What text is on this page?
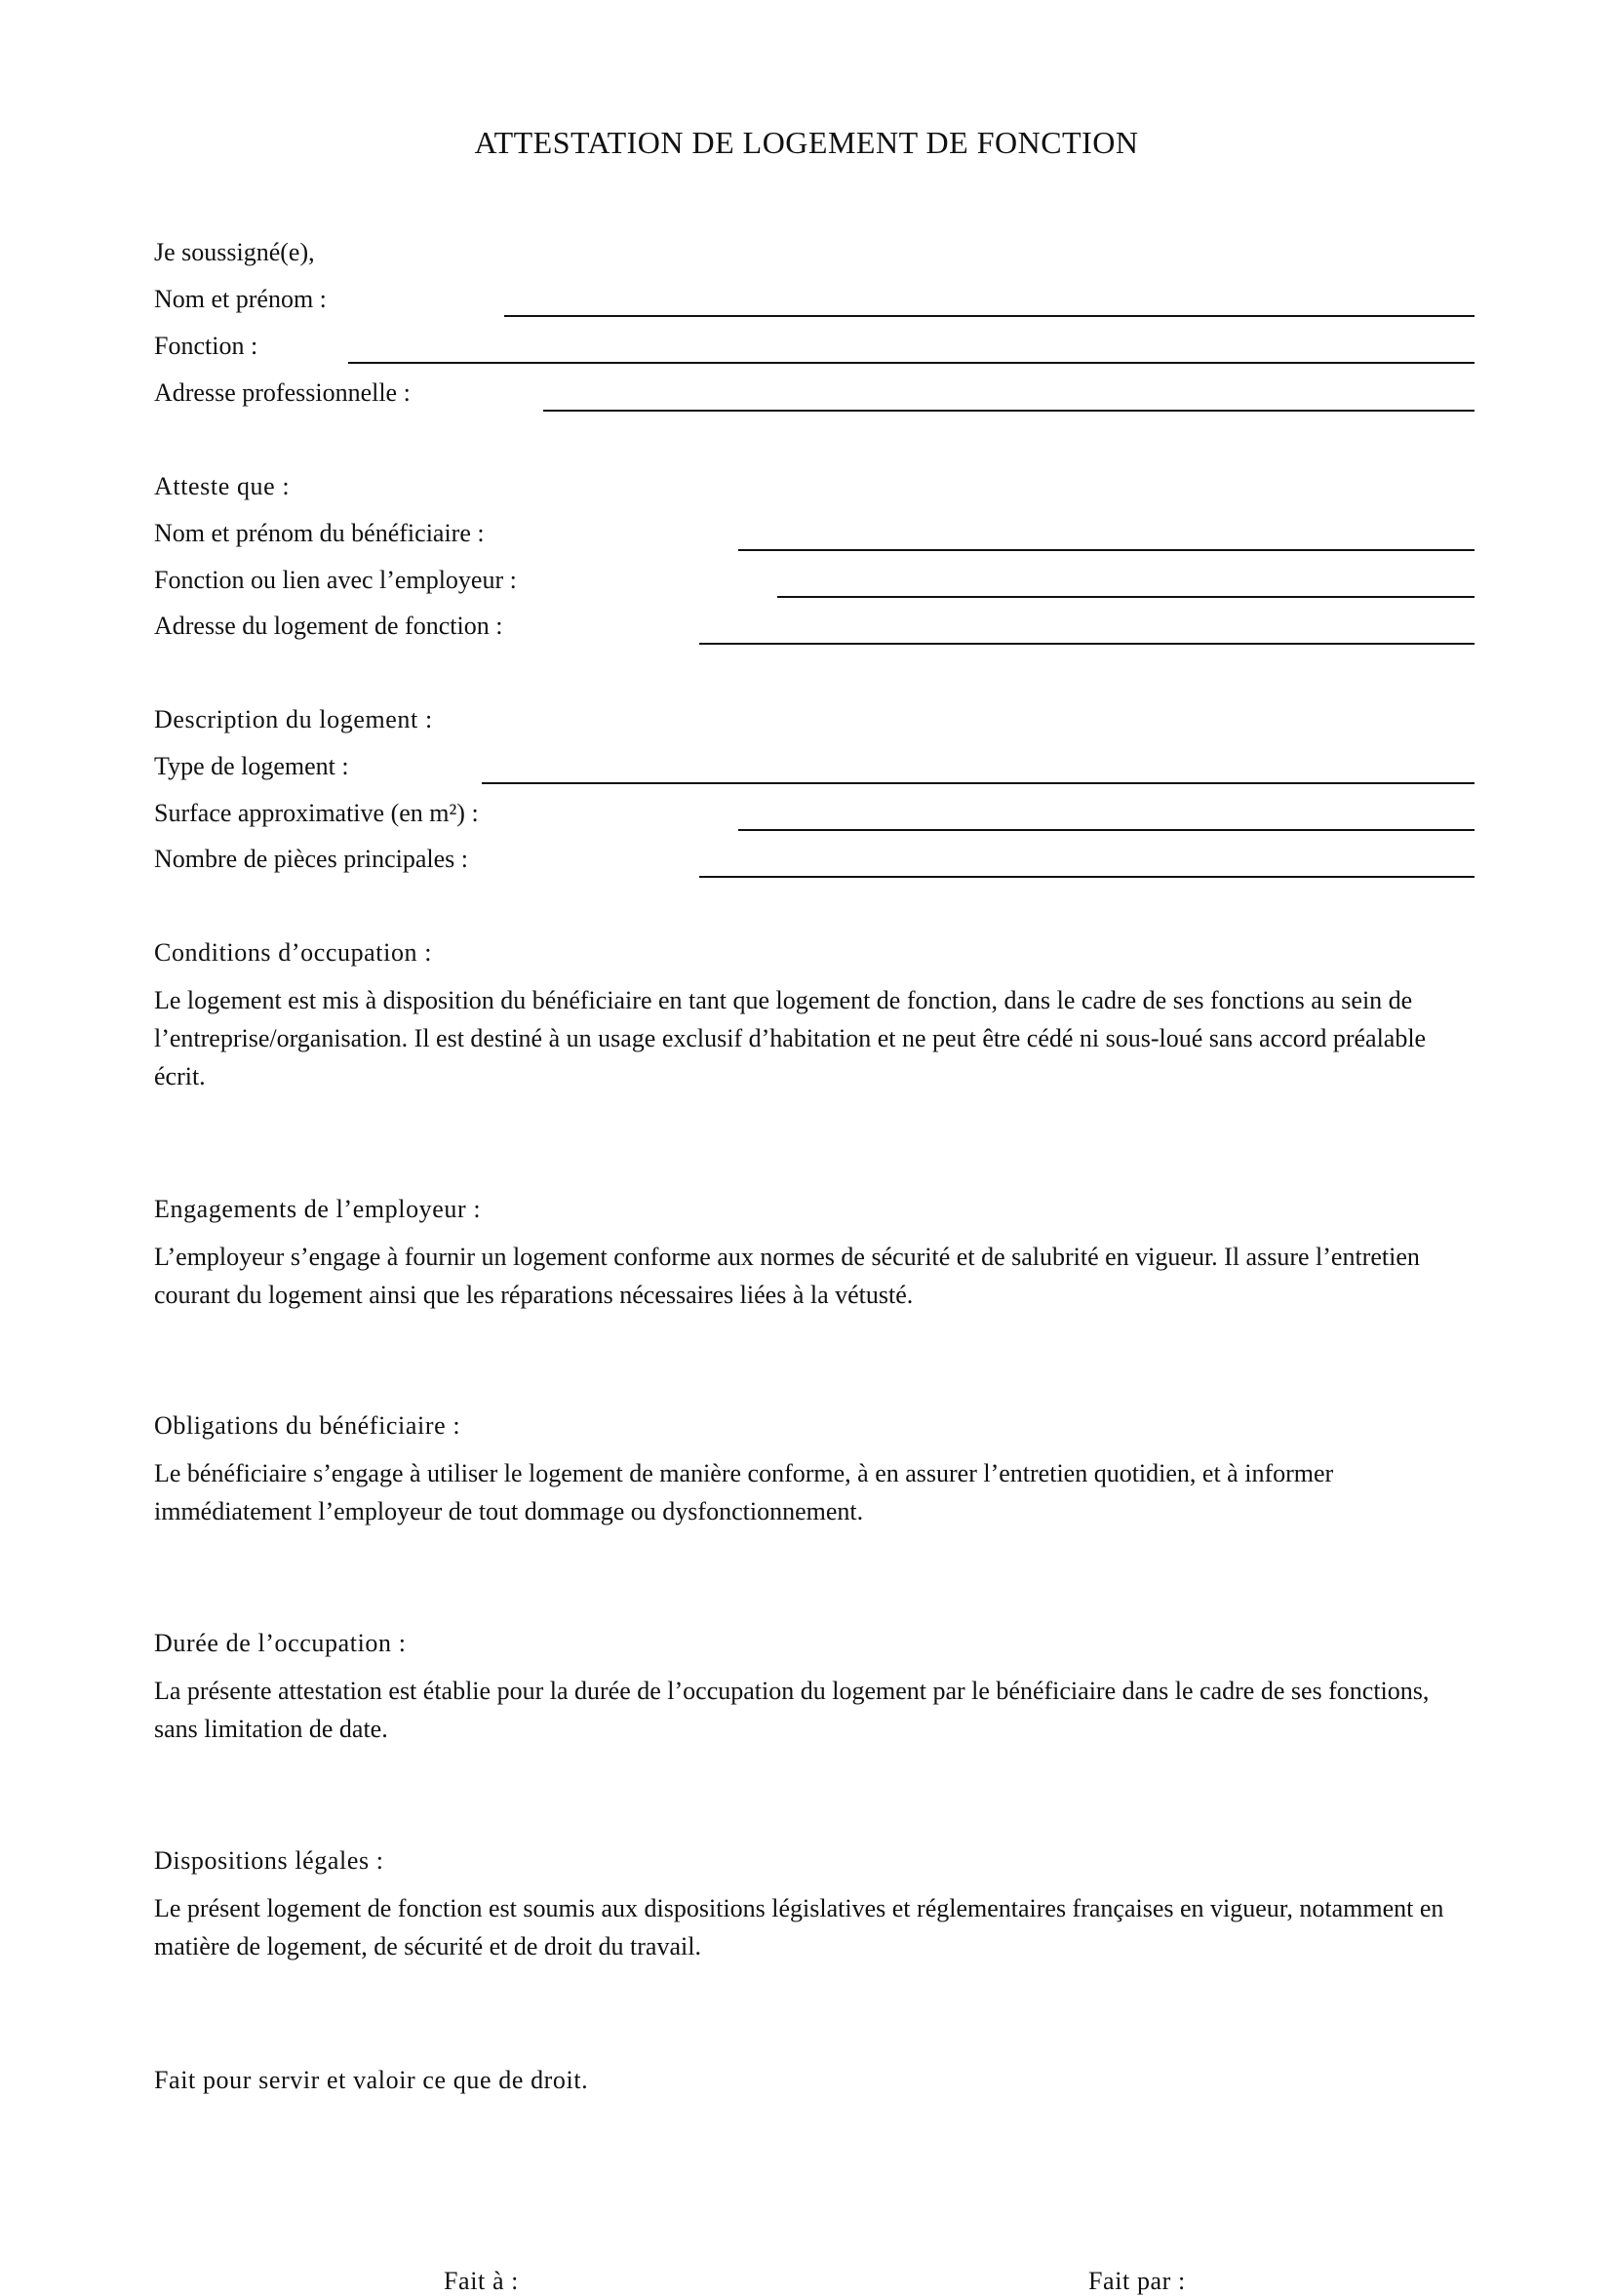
ATTESTATION DE LOGEMENT DE FONCTION
Je soussigné(e),
Nom et prénom :
Fonction :
Adresse professionnelle :
Atteste que :
Nom et prénom du bénéficiaire :
Fonction ou lien avec l’employeur :
Adresse du logement de fonction :
Description du logement :
Type de logement :
Surface approximative (en m²) :
Nombre de pièces principales :
Conditions d’occupation :
Le logement est mis à disposition du bénéficiaire en tant que logement de fonction, dans le cadre de ses fonctions au sein de l’entreprise/organisation. Il est destiné à un usage exclusif d’habitation et ne peut être cédé ni sous-loué sans accord préalable écrit.
Engagements de l’employeur :
L’employeur s’engage à fournir un logement conforme aux normes de sécurité et de salubrité en vigueur. Il assure l’entretien courant du logement ainsi que les réparations nécessaires liées à la vétusté.
Obligations du bénéficiaire :
Le bénéficiaire s’engage à utiliser le logement de manière conforme, à en assurer l’entretien quotidien, et à informer immédiatement l’employeur de tout dommage ou dysfonctionnement.
Durée de l’occupation :
La présente attestation est établie pour la durée de l’occupation du logement par le bénéficiaire dans le cadre de ses fonctions, sans limitation de date.
Dispositions légales :
Le présent logement de fonction est soumis aux dispositions législatives et réglementaires françaises en vigueur, notamment en matière de logement, de sécurité et de droit du travail.
Fait pour servir et valoir ce que de droit.
Fait à :	Fait par :
